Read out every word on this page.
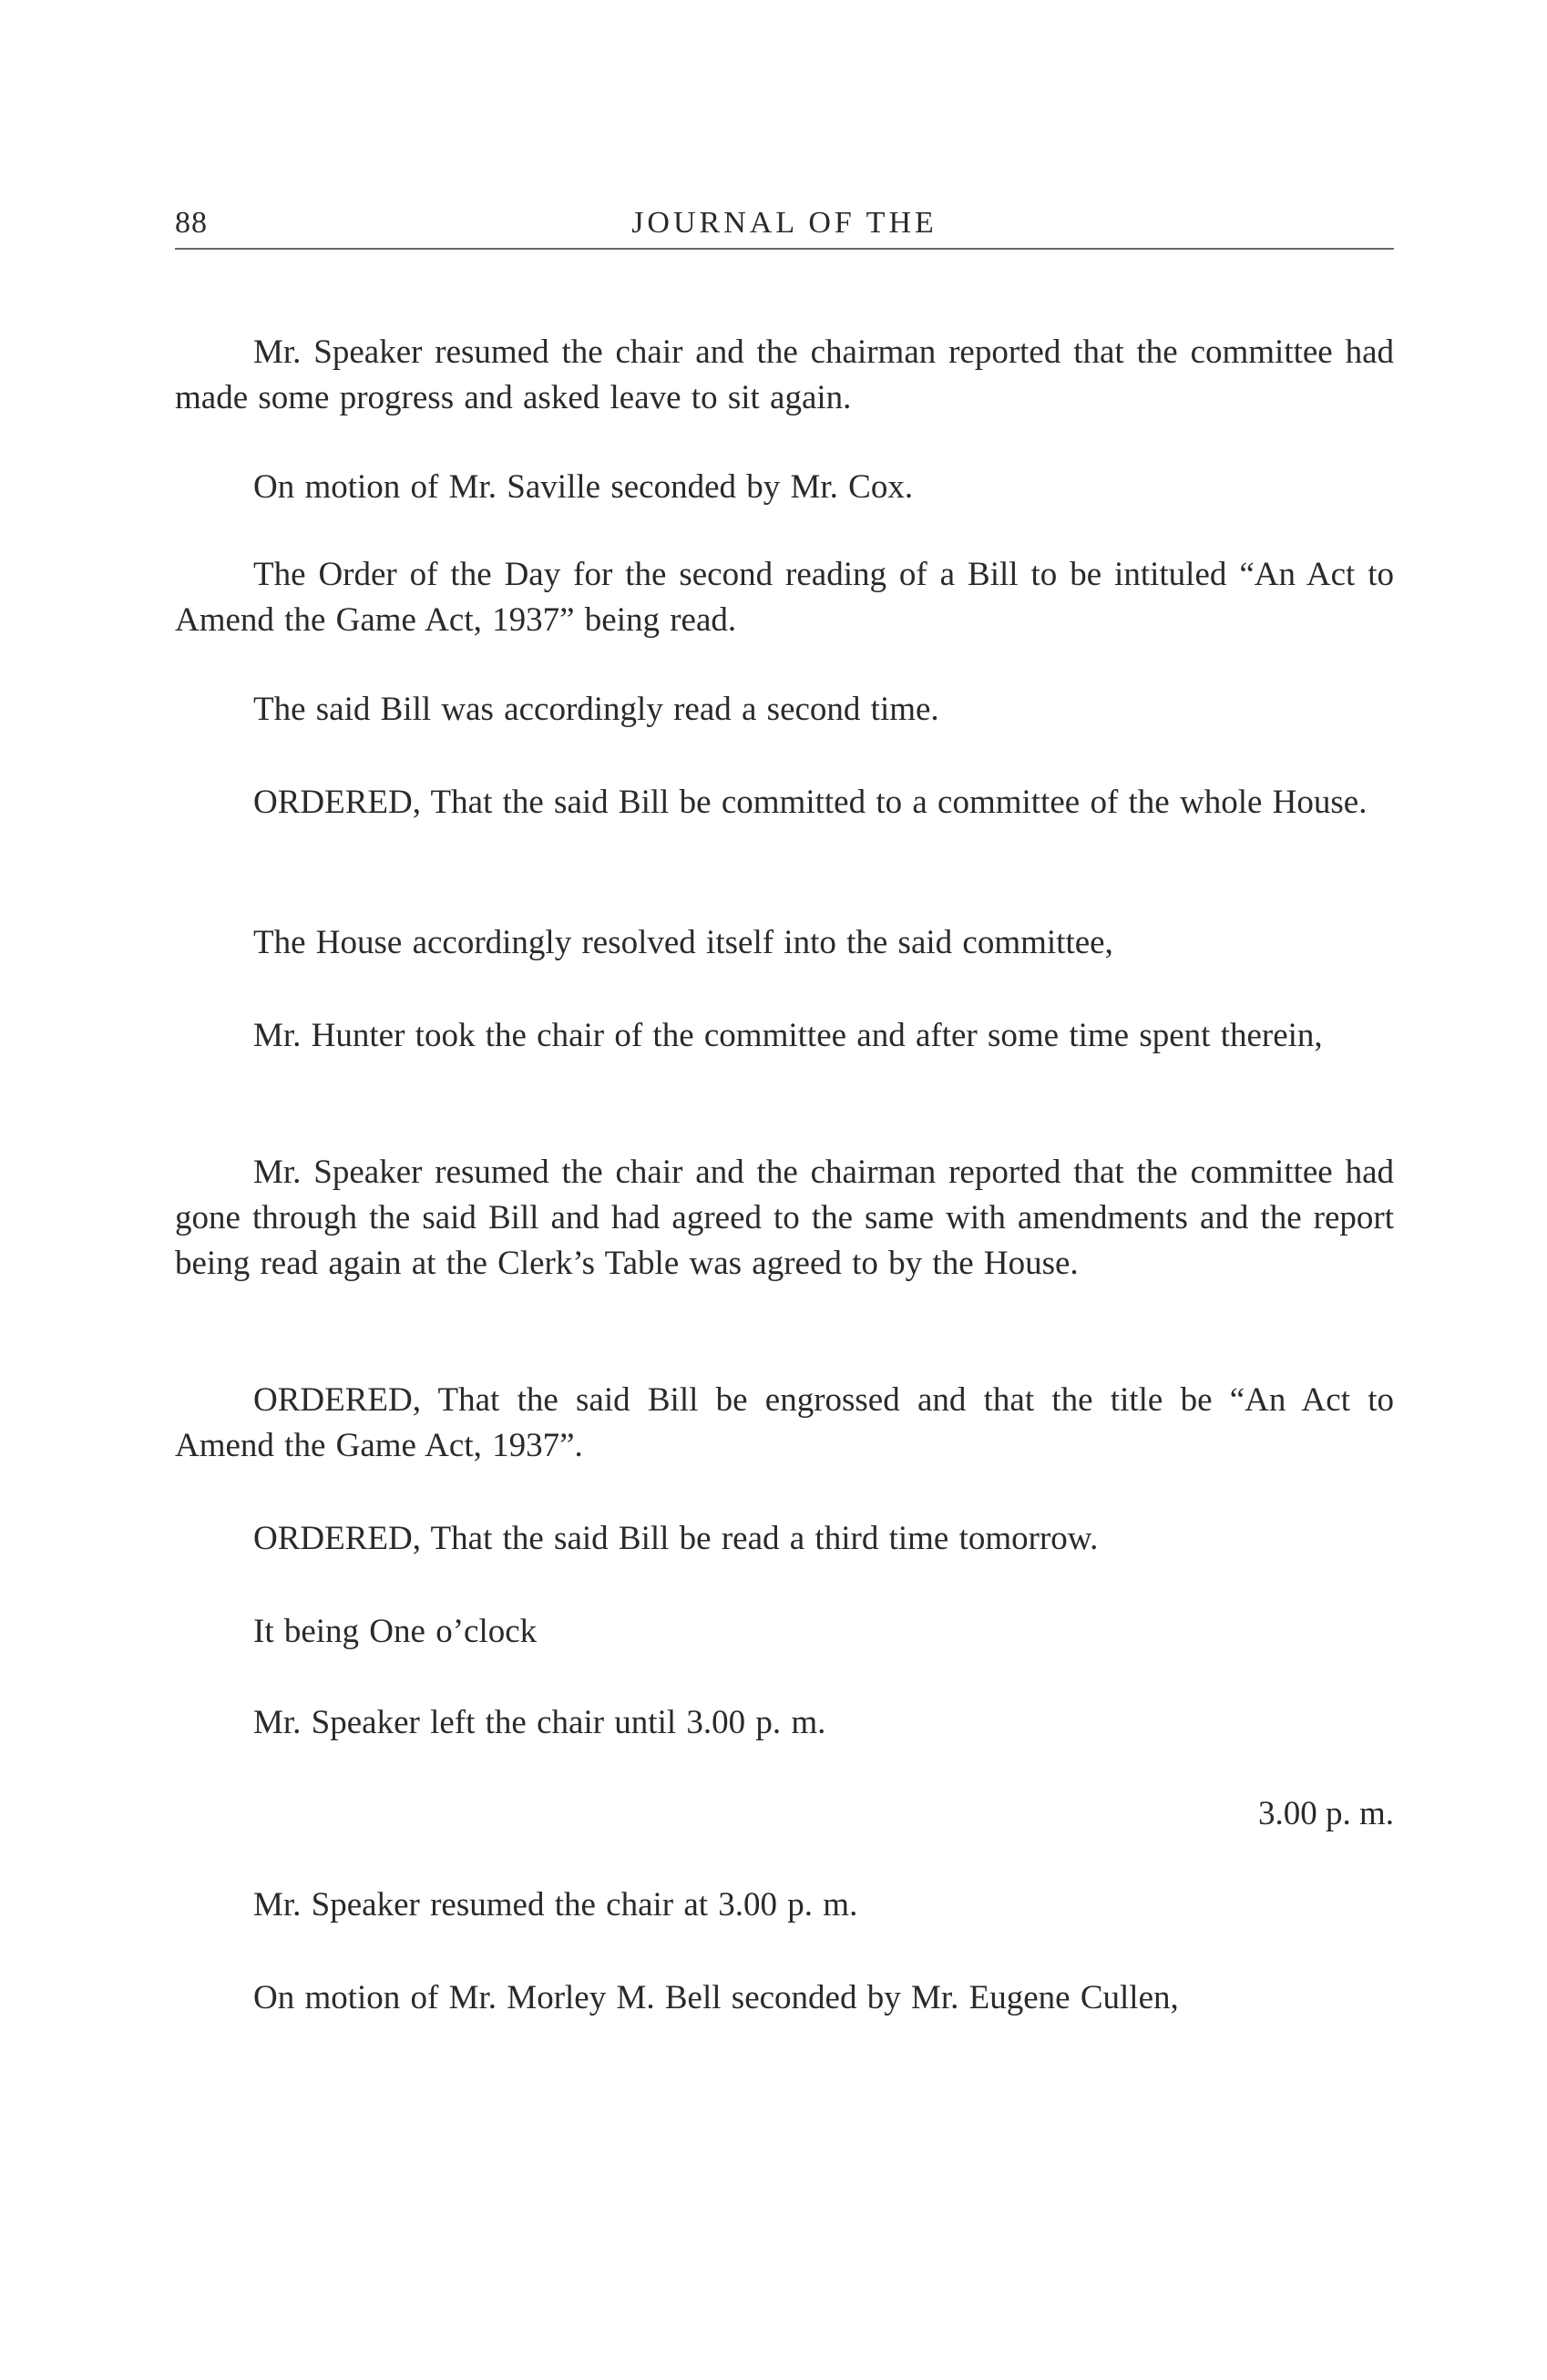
88	JOURNAL OF THE

Mr. Speaker resumed the chair and the chairman reported that the committee had made some progress and asked leave to sit again.

On motion of Mr. Saville seconded by Mr. Cox.

The Order of the Day for the second reading of a Bill to be intituled “An Act to Amend the Game Act, 1937” being read.

The said Bill was accordingly read a second time.

ORDERED, That the said Bill be committed to a committee of the whole House.

The House accordingly resolved itself into the said committee,

Mr. Hunter took the chair of the committee and after some time spent therein,

Mr. Speaker resumed the chair and the chairman reported that the committee had gone through the said Bill and had agreed to the same with amendments and the report being read again at the Clerk’s Table was agreed to by the House.

ORDERED, That the said Bill be engrossed and that the title be “An Act to Amend the Game Act, 1937”.

ORDERED, That the said Bill be read a third time tomorrow.

It being One o’clock

Mr. Speaker left the chair until 3.00 p. m.

3.00 p. m.

Mr. Speaker resumed the chair at 3.00 p. m.

On motion of Mr. Morley M. Bell seconded by Mr. Eugene Cullen,
